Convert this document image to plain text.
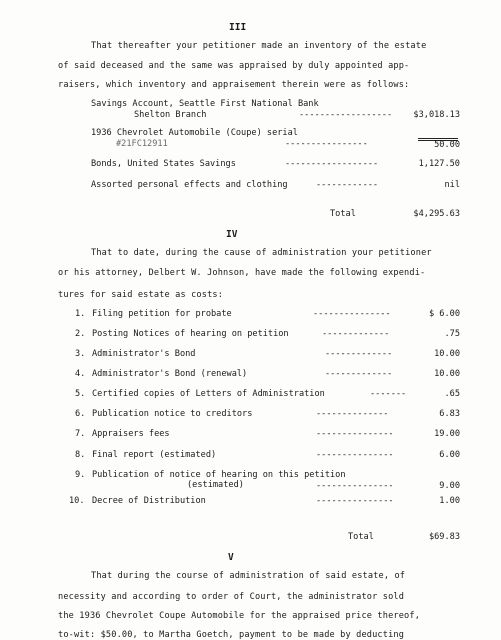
III
That thereafter your petitioner made an inventory of the estate
of said deceased and the same was appraised by duly appointed app-
raisers, which inventory and appraisement therein were as follows:
Savings Account, Seattle First National Bank
Shelton Branch	------------------	$3,018.13
1936 Chevrolet Automobile (Coupe) serial
#21FC12911	----------------	50.00
Bonds, United States Savings	------------------	1,127.50
Assorted personal effects and clothing	------------	nil
Total	$4,295.63
IV
That to date, during the cause of administration your petitioner
or his attorney, Delbert W. Johnson, have made the following expendi-
tures for said estate as costs:
1. Filing petition for probate	---------------	$ 6.00
2. Posting Notices of hearing on petition	-------------	.75
3. Administrator's Bond	-------------	10.00
4. Administrator's Bond (renewal)	-------------	10.00
5. Certified copies of Letters of Administration	-------	.65
6. Publication notice to creditors	--------------	6.83
7. Appraisers fees	---------------	19.00
8. Final report (estimated)	---------------	6.00
9. Publication of notice of hearing on this petition
(estimated)	---------------	9.00
10. Decree of Distribution	---------------	1.00
Total	$69.83
V
That during the course of administration of said estate, of
necessity and according to order of Court, the administrator sold
the 1936 Chevrolet Coupe Automobile for the appraised price thereof,
to-wit: $50.00, to Martha Goetch, payment to be made by deducting
